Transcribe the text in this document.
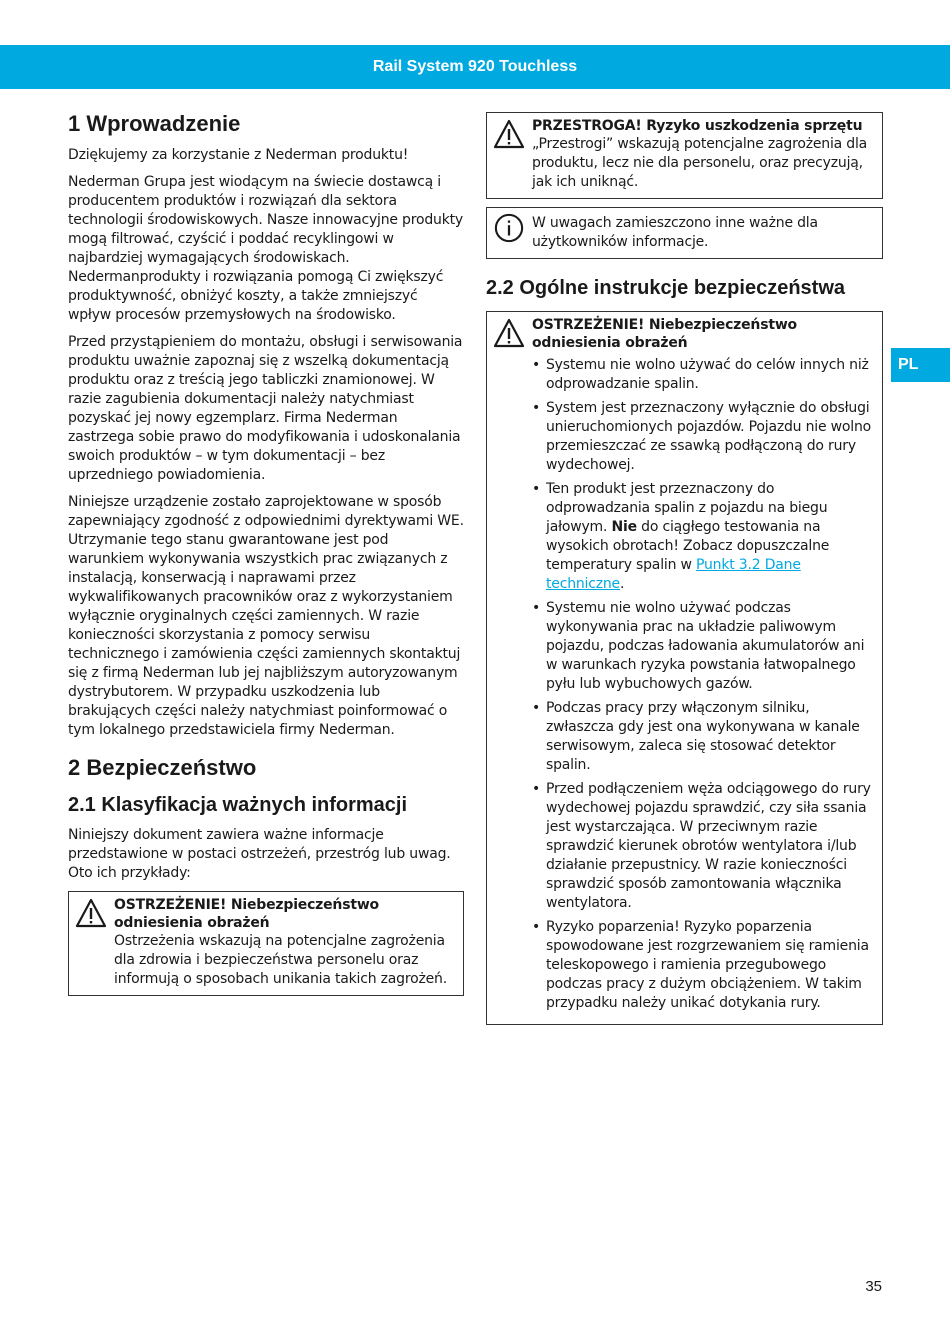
Rail System 920 Touchless
PL
1 Wprowadzenie

Dziękujemy za korzystanie z Nederman produktu!

Nederman Grupa jest wiodącym na świecie dostawcą i producentem produktów i rozwiązań dla sektora technologii środowiskowych. Nasze innowacyjne produkty mogą filtrować, czyścić i poddać recyklingowi w najbardziej wymagających środowiskach. Nedermanprodukty i rozwiązania pomogą Ci zwiększyć produktywność, obniżyć koszty, a także zmniejszyć wpływ procesów przemysłowych na środowisko.

Przed przystąpieniem do montażu, obsługi i serwisowania produktu uważnie zapoznaj się z wszelką dokumentacją produktu oraz z treścią jego tabliczki znamionowej. W razie zagubienia dokumentacji należy natychmiast pozyskać jej nowy egzemplarz. Firma Nederman zastrzega sobie prawo do modyfikowania i udoskonalania swoich produktów – w tym dokumentacji – bez uprzedniego powiadomienia.

Niniejsze urządzenie zostało zaprojektowane w sposób zapewniający zgodność z odpowiednimi dyrektywami WE. Utrzymanie tego stanu gwarantowane jest pod warunkiem wykonywania wszystkich prac związanych z instalacją, konserwacją i naprawami przez wykwalifikowanych pracowników oraz z wykorzystaniem wyłącznie oryginalnych części zamiennych. W razie konieczności skorzystania z pomocy serwisu technicznego i zamówienia części zamiennych skontaktuj się z firmą Nederman lub jej najbliższym autoryzowanym dystrybutorem. W przypadku uszkodzenia lub brakujących części należy natychmiast poinformować o tym lokalnego przedstawiciela firmy Nederman.

2 Bezpieczeństwo
2.1 Klasyfikacja ważnych informacji

Niniejszy dokument zawiera ważne informacje przedstawione w postaci ostrzeżeń, przestróg lub uwag. Oto ich przykłady:

OSTRZEŻENIE! Niebezpieczeństwo odniesienia obrażeń
Ostrzeżenia wskazują na potencjalne zagrożenia dla zdrowia i bezpieczeństwa personelu oraz informują o sposobach unikania takich zagrożeń.
PRZESTROGA! Ryzyko uszkodzenia sprzętu
„Przestrogi” wskazują potencjalne zagrożenia dla produktu, lecz nie dla personelu, oraz precyzują, jak ich uniknąć.
W uwagach zamieszczono inne ważne dla użytkowników informacje.
2.2 Ogólne instrukcje bezpieczeństwa
OSTRZEŻENIE! Niebezpieczeństwo odniesienia obrażeń
• Systemu nie wolno używać do celów innych niż odprowadzanie spalin.
• System jest przeznaczony wyłącznie do obsługi unieruchomionych pojazdów. Pojazdu nie wolno przemieszczać ze ssawką podłączoną do rury wydechowej.
• Ten produkt jest przeznaczony do odprowadzania spalin z pojazdu na biegu jałowym. Nie do ciągłego testowania na wysokich obrotach! Zobacz dopuszczalne temperatury spalin w Punkt 3.2 Dane techniczne.
• Systemu nie wolno używać podczas wykonywania prac na układzie paliwowym pojazdu, podczas ładowania akumulatorów ani w warunkach ryzyka powstania łatwopalnego pyłu lub wybuchowych gazów.
• Podczas pracy przy włączonym silniku, zwłaszcza gdy jest ona wykonywana w kanale serwisowym, zaleca się stosować detektor spalin.
• Przed podłączeniem węża odciągowego do rury wydechowej pojazdu sprawdzić, czy siła ssania jest wystarczająca. W przeciwnym razie sprawdzić kierunek obrotów wentylatora i/lub działanie przepustnicy. W razie konieczności sprawdzić sposób zamontowania włącznika wentylatora.
• Ryzyko poparzenia! Ryzyko poparzenia spowodowane jest rozgrzewaniem się ramienia teleskopowego i ramienia przegubowego podczas pracy z dużym obciążeniem. W takim przypadku należy unikać dotykania rury.
35
